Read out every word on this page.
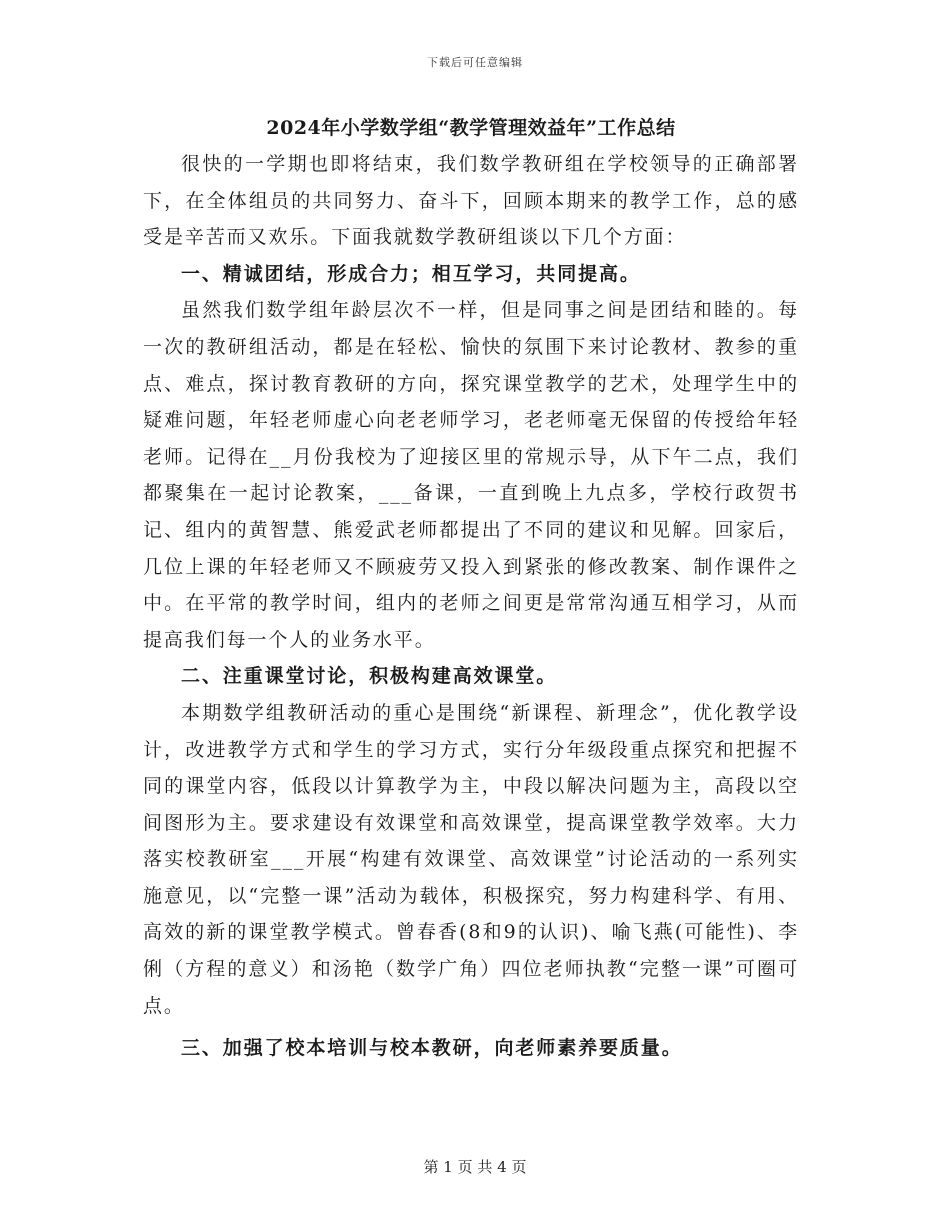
下载后可任意编辑
2024年小学数学组“教学管理效益年”工作总结

很快的一学期也即将结束，我们数学教研组在学校领导的正确部署下，在全体组员的共同努力、奋斗下，回顾本期来的教学工作，总的感受是辛苦而又欢乐。下面我就数学教研组谈以下几个方面：

一、精诚团结，形成合力；相互学习，共同提高。

虽然我们数学组年龄层次不一样，但是同事之间是团结和睦的。每一次的教研组活动，都是在轻松、愉快的氛围下来讨论教材、教参的重点、难点，探讨教育教研的方向，探究课堂教学的艺术，处理学生中的疑难问题，年轻老师虚心向老老师学习，老老师毫无保留的传授给年轻老师。记得在__月份我校为了迎接区里的常规示导，从下午二点，我们都聚集在一起讨论教案，___备课，一直到晚上九点多，学校行政贺书记、组内的黄智慧、熊爱武老师都提出了不同的建议和见解。回家后，几位上课的年轻老师又不顾疲劳又投入到紧张的修改教案、制作课件之中。在平常的教学时间，组内的老师之间更是常常沟通互相学习，从而提高我们每一个人的业务水平。

二、注重课堂讨论，积极构建高效课堂。

本期数学组教研活动的重心是围绕“新课程、新理念”，优化教学设计，改进教学方式和学生的学习方式，实行分年级段重点探究和把握不同的课堂内容，低段以计算教学为主，中段以解决问题为主，高段以空间图形为主。要求建设有效课堂和高效课堂，提高课堂教学效率。大力落实校教研室___开展“构建有效课堂、高效课堂”讨论活动的一系列实施意见，以“完整一课”活动为载体，积极探究，努力构建科学、有用、高效的新的课堂教学模式。曾春香(8和9的认识)、喻飞燕(可能性)、李俐（方程的意义）和汤艳（数学广角）四位老师执教“完整一课”可圈可点。

三、加强了校本培训与校本教研，向老师素养要质量。

第 1 页 共 4 页
